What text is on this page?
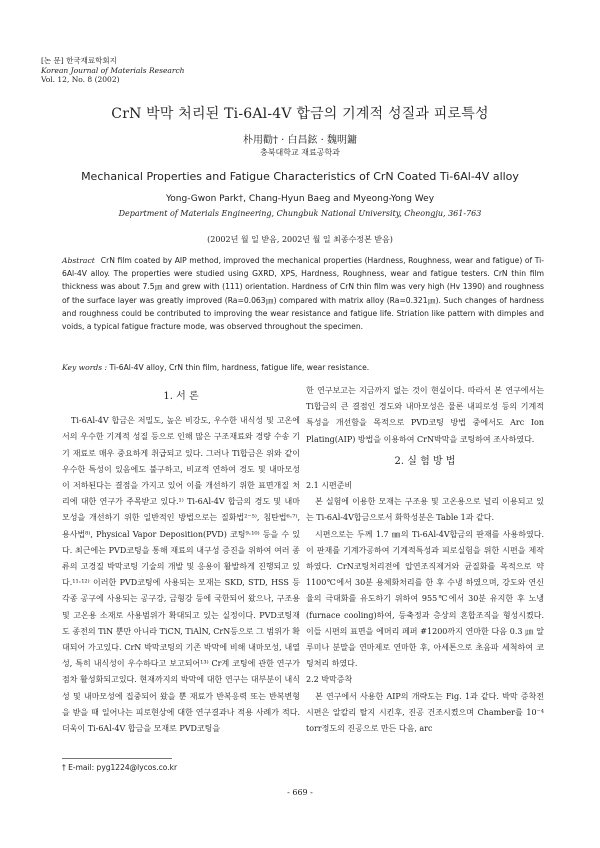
[논 문] 한국재료학회지
Korean Journal of Materials Research
Vol. 12, No. 8 (2002)
CrN 박막 처리된 Ti-6Al-4V 합금의 기계적 성질과 피로특성
朴用勸† · 白昌鉉 · 魏明鏞
충북대학교 재료공학과
Mechanical Properties and Fatigue Characteristics of CrN Coated Ti-6Al-4V alloy
Yong-Gwon Park†, Chang-Hyun Baeg and Myeong-Yong Wey
Department of Materials Engineering, Chungbuk National University, Cheongju, 361-763
(2002년 월 일 받음, 2002년 월 일 최종수정본 받음)
Abstract CrN film coated by AIP method, improved the mechanical properties (Hardness, Roughness, wear and fatigue) of Ti-6Al-4V alloy. The properties were studied using GXRD, XPS, Hardness, Roughness, wear and fatigue testers. CrN thin film thickness was about 7.5㎛ and grew with (111) orientation. Hardness of CrN thin film was very high (Hv 1390) and roughness of the surface layer was greatly improved (Ra=0.063㎛) compared with matrix alloy (Ra=0.321㎛). Such changes of hardness and roughness could be contributed to improving the wear resistance and fatigue life. Striation like pattern with dimples and voids, a typical fatigue fracture mode, was observed throughout the specimen.
Key words : Ti-6Al-4V alloy, CrN thin film, hardness, fatigue life, wear resistance.
1. 서 론

Ti-6Al-4V 합금은 저밀도, 높은 비강도, 우수한 내식성 및 고온에서의 우수한 기계적 성질 등으로 인해 많은 구조재료와 경량 수송 기기 재료로 매우 중요하게 취급되고 있다. 그러나 Ti합금은 위와 같이 우수한 특성이 있음에도 불구하고, 비교적 연하여 경도 및 내마모성이 저하된다는 결점을 가지고 있어 이를 개선하기 위한 표면개질 처리에 대한 연구가 주목받고 있다.¹⁾ Ti-6Al-4V 합금의 경도 및 내마모성을 개선하기 위한 일반적인 방법으로는 질화법²⁻⁵⁾, 침탄법⁶·⁷⁾, 용사법⁸⁾, Physical Vapor Deposition(PVD) 코팅⁹·¹⁰⁾ 등을 수 있다. 최근에는 PVD코팅을 통해 재료의 내구성 증진을 위하여 여러 종류의 고경질 박막코팅 기술의 개발 및 응용이 활발하게 진행되고 있다.¹¹·¹²⁾ 이러한 PVD코팅에 사용되는 모재는 SKD, STD, HSS 등 각종 공구에 사용되는 공구강, 금형강 등에 국한되어 왔으나, 구조용 및 고온용 소재로 사용범위가 확대되고 있는 실정이다. PVD코팅재도 종전의 TiN 뿐만 아니라 TiCN, TiAlN, CrN등으로 그 범위가 확대되어 가고있다. CrN 박막코팅의 기존 박막에 비해 내마모성, 내열성, 특히 내식성이 우수하다고 보고되어¹³⁾ Cr계 코팅에 관한 연구가 점차 활성화되고있다. 현재까지의 박막에 대한 연구는 대부분이 내식성 및 내마모성에 집중되어 왔을 뿐 재료가 반복응력 또는 반복변형을 받을 때 일어나는 피로현상에 대한 연구결과나 적용 사례가 적다. 더욱이 Ti-6Al-4V 합금을 모재로 PVD코팅을

한 연구보고는 지금까지 없는 것이 현실이다. 따라서 본 연구에서는 Ti합금의 큰 결점인 경도와 내마모성은 물론 내피로성 등의 기계적 특성을 개선함을 목적으로 PVD코팅 방법 중에서도 Arc Ion Plating(AIP) 방법을 이용하여 CrN박막을 코팅하여 조사하였다.

2. 실 험 방 법
2.1 시편준비

본 실험에 이용한 모재는 구조용 및 고온용으로 널리 이용되고 있는 Ti-6Al-4V합금으로서 화학성분은 Table 1과 같다.

시편으로는 두께 1.7 ㎜의 Ti-6Al-4V합금의 판재를 사용하였다. 이 판재를 기계가공하여 기계적특성과 피로실험을 위한 시편을 제작하였다. CrN코팅처리전에 압연조직제거와 균질화를 목적으로 약 1100℃에서 30분 용체화처리를 한 후 수냉 하였으며, 강도와 연신율의 극대화를 유도하기 위하여 955℃에서 30분 유지한 후 노냉(furnace cooling)하여, 등축정과 층상의 혼합조직을 형성시켰다. 이들 시편의 표면을 에머리 페퍼 #1200까지 연마한 다음 0.3 ㎛ 알루미나 분말을 연마제로 연마한 후, 아세톤으로 초음파 세척하여 코팅처리 하였다.

2.2 박막증착

본 연구에서 사용한 AIP의 개략도는 Fig. 1과 같다. 박막 증착전 시편은 알칼리 탈지 시킨후, 진공 건조시켰으며 Chamber를 10⁻⁴ torr정도의 진공으로 만든 다음, arc

† E-mail: pyg1224@lycos.co.kr
- 669 -
